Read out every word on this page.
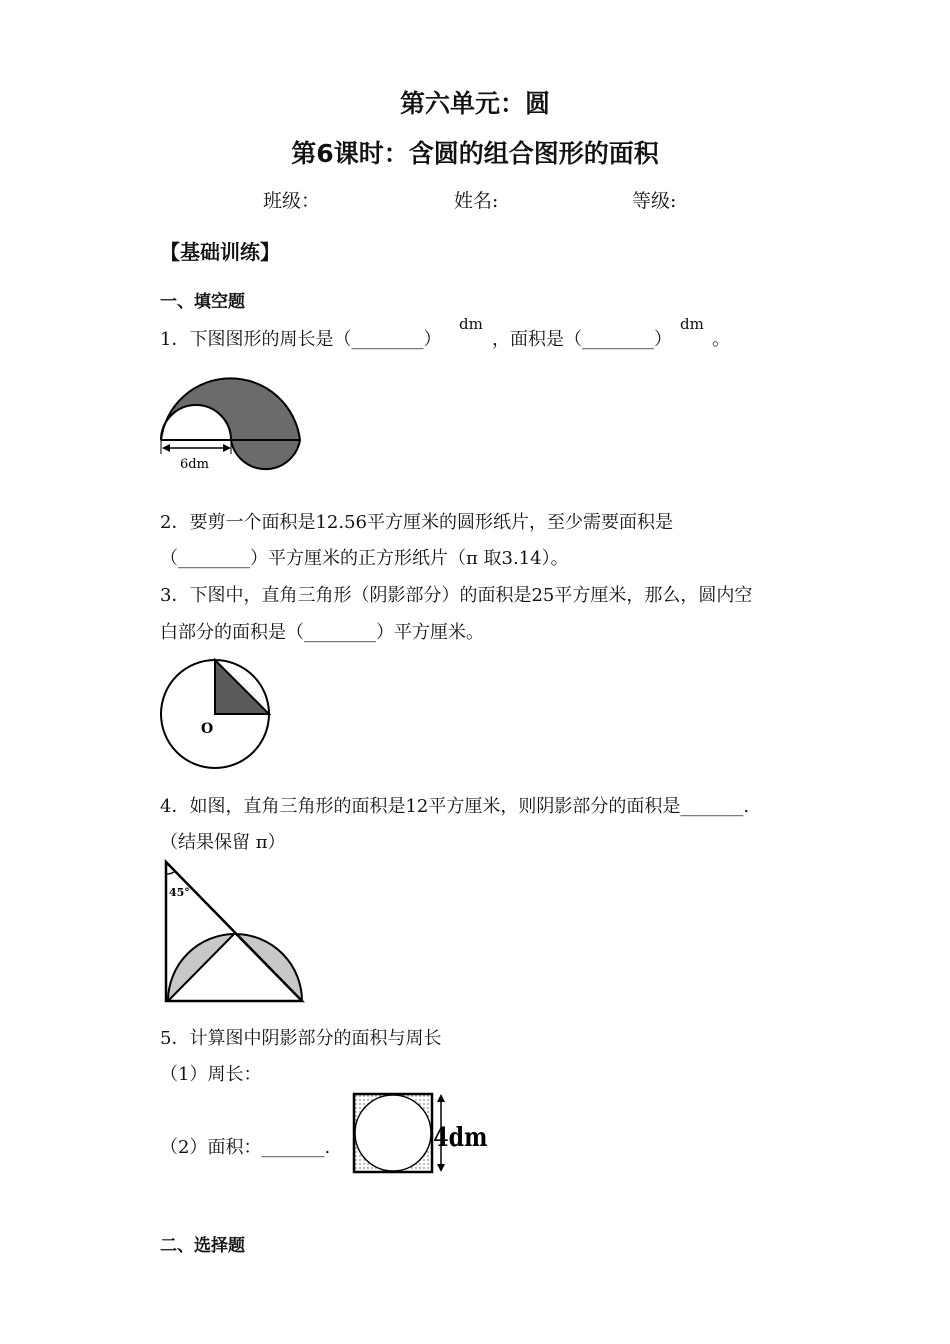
第六单元：圆
第6课时：含圆的组合图形的面积
班级：	姓名:	等级:
【基础训练】
一、填空题
1．下图图形的周长是（________）
dm
，面积是（________）
dm
。
6dm
2．要剪一个面积是12.56平方厘米的圆形纸片，至少需要面积是
（________）平方厘米的正方形纸片（π 取3.14）。
3．下图中，直角三角形（阴影部分）的面积是25平方厘米，那么，圆内空
白部分的面积是（________）平方厘米。
O
4．如图，直角三角形的面积是12平方厘米，则阴影部分的面积是_______.
（结果保留 π）
45°
5．计算图中阴影部分的面积与周长
（1）周长：
（2）面积：_______.	4dm
二、选择题
